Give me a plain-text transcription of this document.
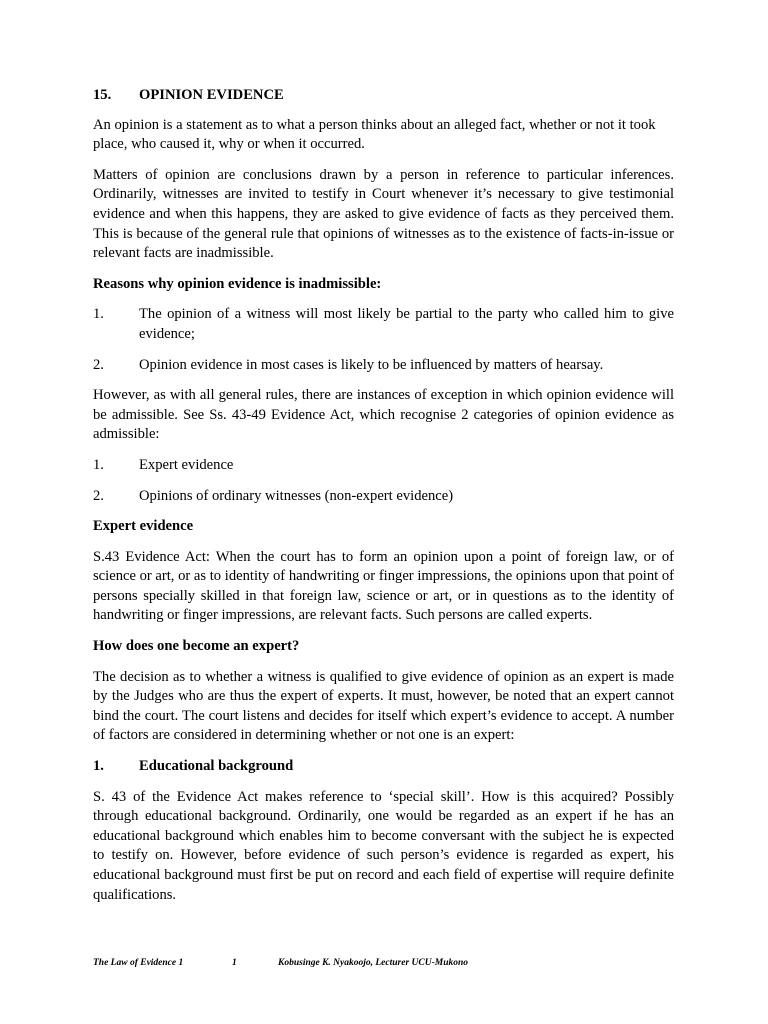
15. OPINION EVIDENCE

An opinion is a statement as to what a person thinks about an alleged fact, whether or not it took place, who caused it, why or when it occurred.

Matters of opinion are conclusions drawn by a person in reference to particular inferences. Ordinarily, witnesses are invited to testify in Court whenever it’s necessary to give testimonial evidence and when this happens, they are asked to give evidence of facts as they perceived them. This is because of the general rule that opinions of witnesses as to the existence of facts-in-issue or relevant facts are inadmissible.

Reasons why opinion evidence is inadmissible:
1.	The opinion of a witness will most likely be partial to the party who called him to give evidence;
2.	Opinion evidence in most cases is likely to be influenced by matters of hearsay.

However, as with all general rules, there are instances of exception in which opinion evidence will be admissible. See Ss. 43-49 Evidence Act, which recognise 2 categories of opinion evidence as admissible:

1.	Expert evidence
2.	Opinions of ordinary witnesses (non-expert evidence)
Expert evidence

S.43 Evidence Act: When the court has to form an opinion upon a point of foreign law, or of science or art, or as to identity of handwriting or finger impressions, the opinions upon that point of persons specially skilled in that foreign law, science or art, or in questions as to the identity of handwriting or finger impressions, are relevant facts. Such persons are called experts.

How does one become an expert?

The decision as to whether a witness is qualified to give evidence of opinion as an expert is made by the Judges who are thus the expert of experts. It must, however, be noted that an expert cannot bind the court. The court listens and decides for itself which expert’s evidence to accept. A number of factors are considered in determining whether or not one is an expert:

1.	Educational background

S. 43 of the Evidence Act makes reference to ‘special skill’. How is this acquired? Possibly through educational background. Ordinarily, one would be regarded as an expert if he has an educational background which enables him to become conversant with the subject he is expected to testify on. However, before evidence of such person’s evidence is regarded as expert, his educational background must first be put on record and each field of expertise will require definite qualifications.

The Law of Evidence 1	1	Kobusinge K. Nyakoojo, Lecturer UCU-Mukono
